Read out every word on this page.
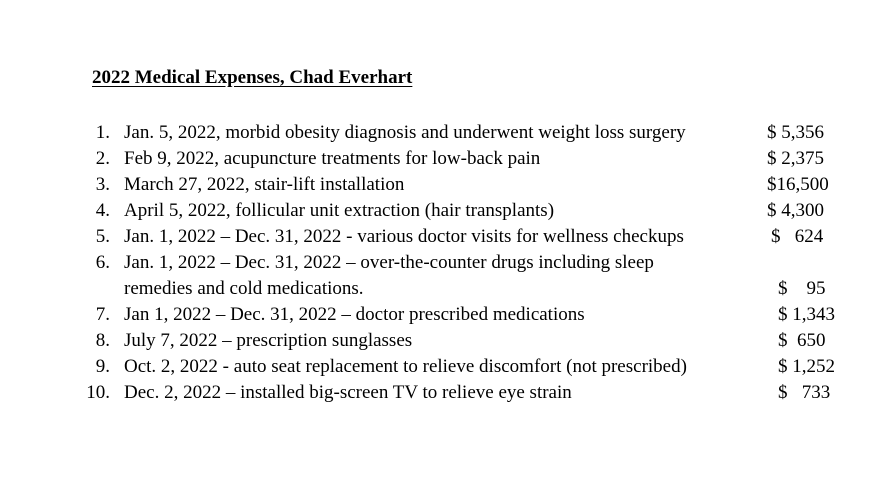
2022 Medical Expenses, Chad Everhart
1. Jan. 5, 2022, morbid obesity diagnosis and underwent weight loss surgery	$ 5,356
2. Feb 9, 2022, acupuncture treatments for low-back pain	$ 2,375
3. March 27, 2022, stair-lift installation	$16,500
4. April 5, 2022, follicular unit extraction (hair transplants)	$ 4,300
5. Jan. 1, 2022 – Dec. 31, 2022 - various doctor visits for wellness checkups	$   624
6. Jan. 1, 2022 – Dec. 31, 2022 – over-the-counter drugs including sleep
remedies and cold medications.	$    95
7. Jan 1, 2022 – Dec. 31, 2022 – doctor prescribed medications	$ 1,343
8. July 7, 2022 – prescription sunglasses	$  650
9. Oct. 2, 2022 - auto seat replacement to relieve discomfort (not prescribed)	$ 1,252
10. Dec. 2, 2022 – installed big-screen TV to relieve eye strain	$   733
